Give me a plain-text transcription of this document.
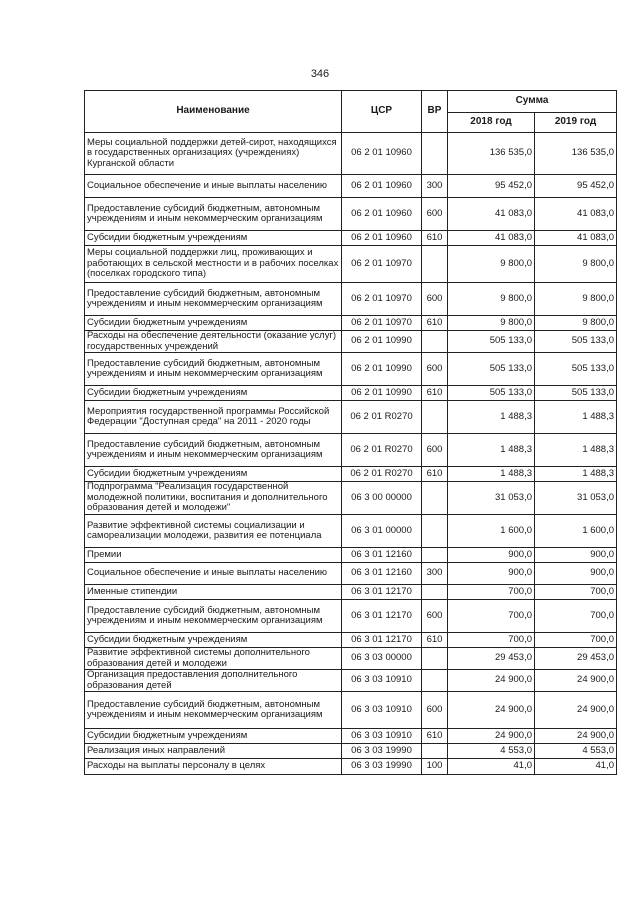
346
Наименование	ЦСР	ВР	Сумма	
			2018 год	2019 год
Меры социальной поддержки детей-сирот, находящихся в государственных организациях (учреждениях) Курганской области	06 2 01 10960		136 535,0	136 535,0
Социальное обеспечение и иные выплаты населению	06 2 01 10960	300	95 452,0	95 452,0
Предоставление субсидий бюджетным, автономным учреждениям и иным некоммерческим организациям	06 2 01 10960	600	41 083,0	41 083,0
Субсидии бюджетным учреждениям	06 2 01 10960	610	41 083,0	41 083,0
Меры социальной поддержки лиц, проживающих и работающих в сельской местности и в рабочих поселках (поселках городского типа)	06 2 01 10970		9 800,0	9 800,0
Предоставление субсидий бюджетным, автономным учреждениям и иным некоммерческим организациям	06 2 01 10970	600	9 800,0	9 800,0
Субсидии бюджетным учреждениям	06 2 01 10970	610	9 800,0	9 800,0
Расходы на обеспечение деятельности (оказание услуг) государственных учреждений	06 2 01 10990		505 133,0	505 133,0
Предоставление субсидий бюджетным, автономным учреждениям и иным некоммерческим организациям	06 2 01 10990	600	505 133,0	505 133,0
Субсидии бюджетным учреждениям	06 2 01 10990	610	505 133,0	505 133,0
Мероприятия государственной программы Российской Федерации "Доступная среда" на 2011 - 2020 годы	06 2 01 R0270		1 488,3	1 488,3
Предоставление субсидий бюджетным, автономным учреждениям и иным некоммерческим организациям	06 2 01 R0270	600	1 488,3	1 488,3
Субсидии бюджетным учреждениям	06 2 01 R0270	610	1 488,3	1 488,3
Подпрограмма "Реализация государственной молодежной политики, воспитания и дополнительного образования детей и молодежи"	06 3 00 00000		31 053,0	31 053,0
Развитие эффективной системы социализации и самореализации молодежи, развития ее потенциала	06 3 01 00000		1 600,0	1 600,0
Премии	06 3 01 12160		900,0	900,0
Социальное обеспечение и иные выплаты населению	06 3 01 12160	300	900,0	900,0
Именные стипендии	06 3 01 12170		700,0	700,0
Предоставление субсидий бюджетным, автономным учреждениям и иным некоммерческим организациям	06 3 01 12170	600	700,0	700,0
Субсидии бюджетным учреждениям	06 3 01 12170	610	700,0	700,0
Развитие эффективной системы дополнительного образования детей и молодежи	06 3 03 00000		29 453,0	29 453,0
Организация предоставления дополнительного образования детей	06 3 03 10910		24 900,0	24 900,0
Предоставление субсидий бюджетным, автономным учреждениям и иным некоммерческим организациям	06 3 03 10910	600	24 900,0	24 900,0
Субсидии бюджетным учреждениям	06 3 03 10910	610	24 900,0	24 900,0
Реализация иных направлений	06 3 03 19990		4 553,0	4 553,0
Расходы на выплаты персоналу в целях	06 3 03 19990	100	41,0	41,0
